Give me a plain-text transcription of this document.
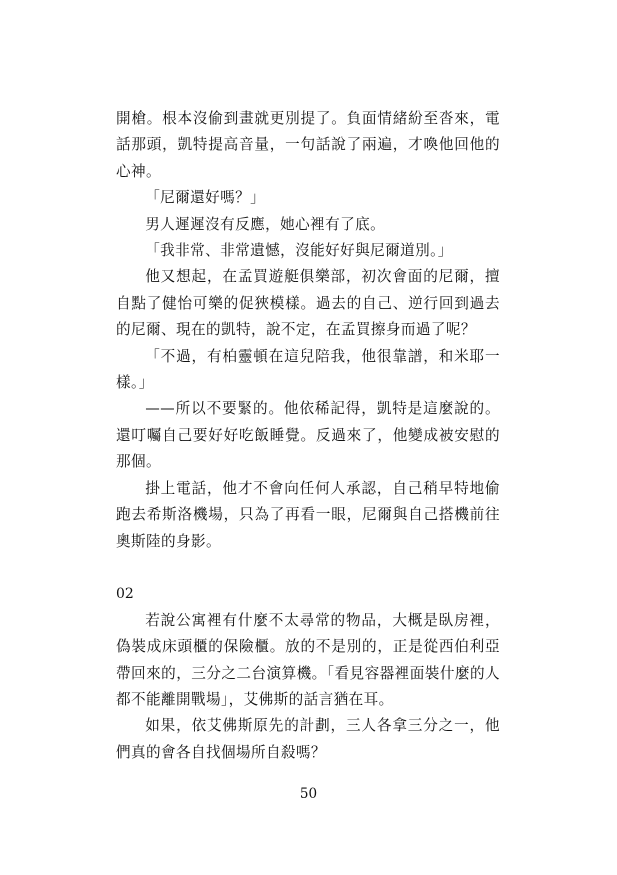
開槍。根本沒偷到畫就更別提了。負面情緒紛至沓來，電話那頭，凱特提高音量，一句話說了兩遍，才喚他回他的心神。

「尼爾還好嗎？」

男人遲遲沒有反應，她心裡有了底。

「我非常、非常遺憾，沒能好好與尼爾道別。」

他又想起，在孟買遊艇俱樂部，初次會面的尼爾，擅自點了健怡可樂的促狹模樣。過去的自己、逆行回到過去的尼爾、現在的凱特，說不定，在孟買擦身而過了呢？

「不過，有柏靈頓在這兒陪我，他很靠譜，和米耶一樣。」

——所以不要緊的。他依稀記得，凱特是這麼說的。還叮囑自己要好好吃飯睡覺。反過來了，他變成被安慰的那個。

掛上電話，他才不會向任何人承認，自己稍早特地偷跑去希斯洛機場，只為了再看一眼，尼爾與自己搭機前往奧斯陸的身影。

02

若說公寓裡有什麼不太尋常的物品，大概是臥房裡，偽裝成床頭櫃的保險櫃。放的不是別的，正是從西伯利亞帶回來的，三分之二台演算機。「看見容器裡面裝什麼的人都不能離開戰場」，艾佛斯的話言猶在耳。

如果，依艾佛斯原先的計劃，三人各拿三分之一，他們真的會各自找個場所自殺嗎？

50
